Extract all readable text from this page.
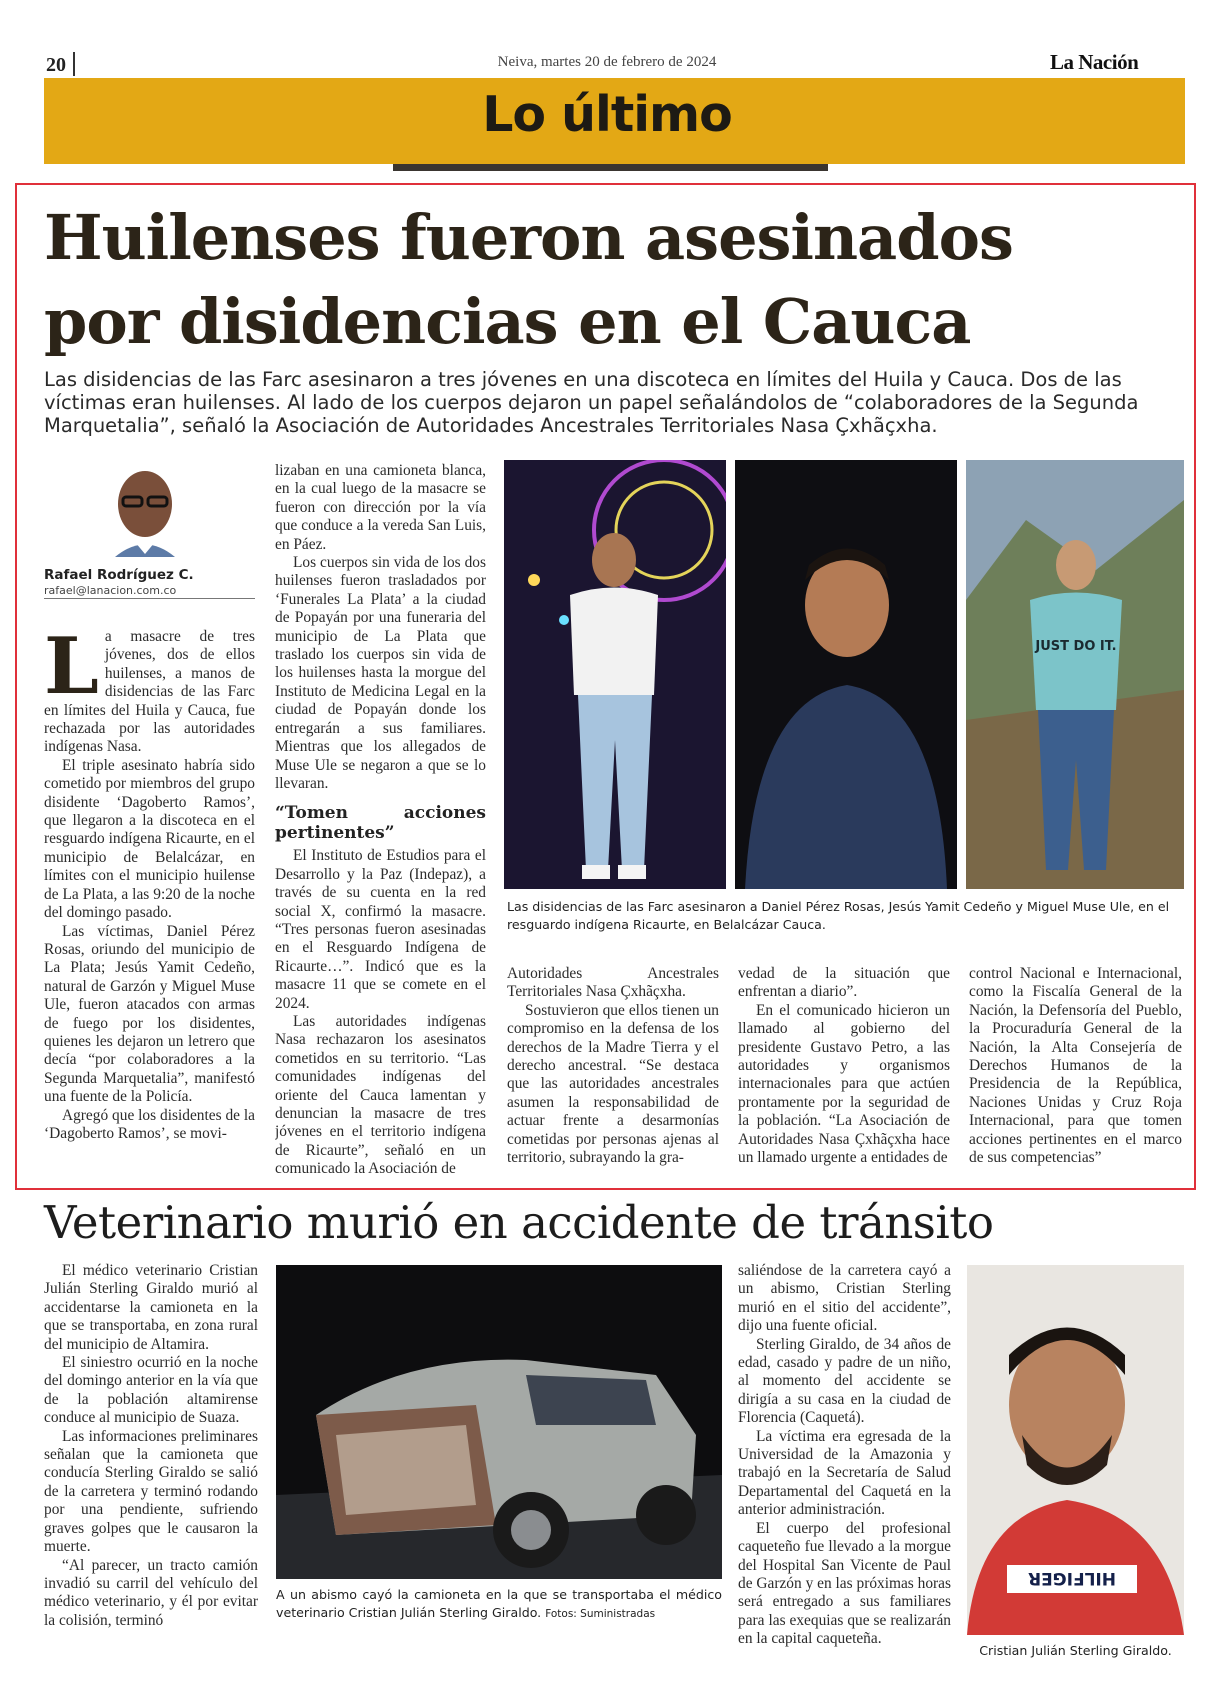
20	Neiva, martes 20 de febrero de 2024	La Nación
Lo último
Huilenses fueron asesinados
por disidencias en el Cauca
Las disidencias de las Farc asesinaron a tres jóvenes en una discoteca en límites del Huila y Cauca. Dos de las víctimas eran huilenses. Al lado de los cuerpos dejaron un papel señalándolos de “colaboradores de la Segunda Marquetalia”, señaló la Asociación de Autoridades Ancestrales Territoriales Nasa Çxhãçxha.
Rafael Rodríguez C.
rafael@lanacion.com.co
L a masacre de tres jóvenes, dos de ellos huilenses, a manos de disidencias de las Farc en límites del Huila y Cauca, fue rechazada por las autoridades indígenas Nasa.

El triple asesinato habría sido cometido por miembros del grupo disidente ‘Dagoberto Ramos’, que llegaron a la discoteca en el resguardo indígena Ricaurte, en el municipio de Belalcázar, en límites con el municipio huilense de La Plata, a las 9:20 de la noche del domingo pasado.

Las víctimas, Daniel Pérez Rosas, oriundo del municipio de La Plata; Jesús Yamit Cedeño, natural de Garzón y Miguel Muse Ule, fueron atacados con armas de fuego por los disidentes, quienes les dejaron un letrero que decía “por colaboradores a la Segunda Marquetalia”, manifestó una fuente de la Policía.

Agregó que los disidentes de la ‘Dagoberto Ramos’, se movi-

lizaban en una camioneta blanca, en la cual luego de la masacre se fueron con dirección por la vía que conduce a la vereda San Luis, en Páez.

Los cuerpos sin vida de los dos huilenses fueron trasladados por ‘Funerales La Plata’ a la ciudad de Popayán por una funeraria del municipio de La Plata que traslado los cuerpos sin vida de los huilenses hasta la morgue del Instituto de Medicina Legal en la ciudad de Popayán donde los entregarán a sus familiares. Mientras que los allegados de Muse Ule se negaron a que se lo llevaran.

“Tomen acciones pertinentes”

El Instituto de Estudios para el Desarrollo y la Paz (Indepaz), a través de su cuenta en la red social X, confirmó la masacre. “Tres personas fueron asesinadas en el Resguardo Indígena de Ricaurte…”. Indicó que es la masacre 11 que se comete en el 2024.

Las autoridades indígenas Nasa rechazaron los asesinatos cometidos en su territorio. “Las comunidades indígenas del oriente del Cauca lamentan y denuncian la masacre de tres jóvenes en el territorio indígena de Ricaurte”, señaló en un comunicado la Asociación de

JUST DO IT.
Las disidencias de las Farc asesinaron a Daniel Pérez Rosas, Jesús Yamit Cedeño y Miguel Muse Ule, en el resguardo indígena Ricaurte, en Belalcázar Cauca.

Autoridades Ancestrales Territoriales Nasa Çxhãçxha.

Sostuvieron que ellos tienen un compromiso en la defensa de los derechos de la Madre Tierra y el derecho ancestral. “Se destaca que las autoridades ancestrales asumen la responsabilidad de actuar frente a desarmonías cometidas por personas ajenas al territorio, subrayando la gra-

vedad de la situación que enfrentan a diario”.

En el comunicado hicieron un llamado al gobierno del presidente Gustavo Petro, a las autoridades y organismos internacionales para que actúen prontamente por la seguridad de la población. “La Asociación de Autoridades Nasa Çxhãçxha hace un llamado urgente a entidades de

control Nacional e Internacional, como la Fiscalía General de la Nación, la Defensoría del Pueblo, la Procuraduría General de la Nación, la Alta Consejería de Derechos Humanos de la Presidencia de la República, Naciones Unidas y Cruz Roja Internacional, para que tomen acciones pertinentes en el marco de sus competencias”

Veterinario murió en accidente de tránsito

El médico veterinario Cristian Julián Sterling Giraldo murió al accidentarse la camioneta en la que se transportaba, en zona rural del municipio de Altamira.

El siniestro ocurrió en la noche del domingo anterior en la vía que de la población altamirense conduce al municipio de Suaza.

Las informaciones preliminares señalan que la camioneta que conducía Sterling Giraldo se salió de la carretera y terminó rodando por una pendiente, sufriendo graves golpes que le causaron la muerte.

“Al parecer, un tracto camión invadió su carril del vehículo del médico veterinario, y él por evitar la colisión, terminó

A un abismo cayó la camioneta en la que se transportaba el médico veterinario Cristian Julián Sterling Giraldo. Fotos: Suministradas

saliéndose de la carretera cayó a un abismo, Cristian Sterling murió en el sitio del accidente”, dijo una fuente oficial.

Sterling Giraldo, de 34 años de edad, casado y padre de un niño, al momento del accidente se dirigía a su casa en la ciudad de Florencia (Caquetá).

La víctima era egresada de la Universidad de la Amazonia y trabajó en la Secretaría de Salud Departamental del Caquetá en la anterior administración.

El cuerpo del profesional caqueteño fue llevado a la morgue del Hospital San Vicente de Paul de Garzón y en las próximas horas será entregado a sus familiares para las exequias que se realizarán en la capital caqueteña.

HILFIGER
Cristian Julián Sterling Giraldo.
